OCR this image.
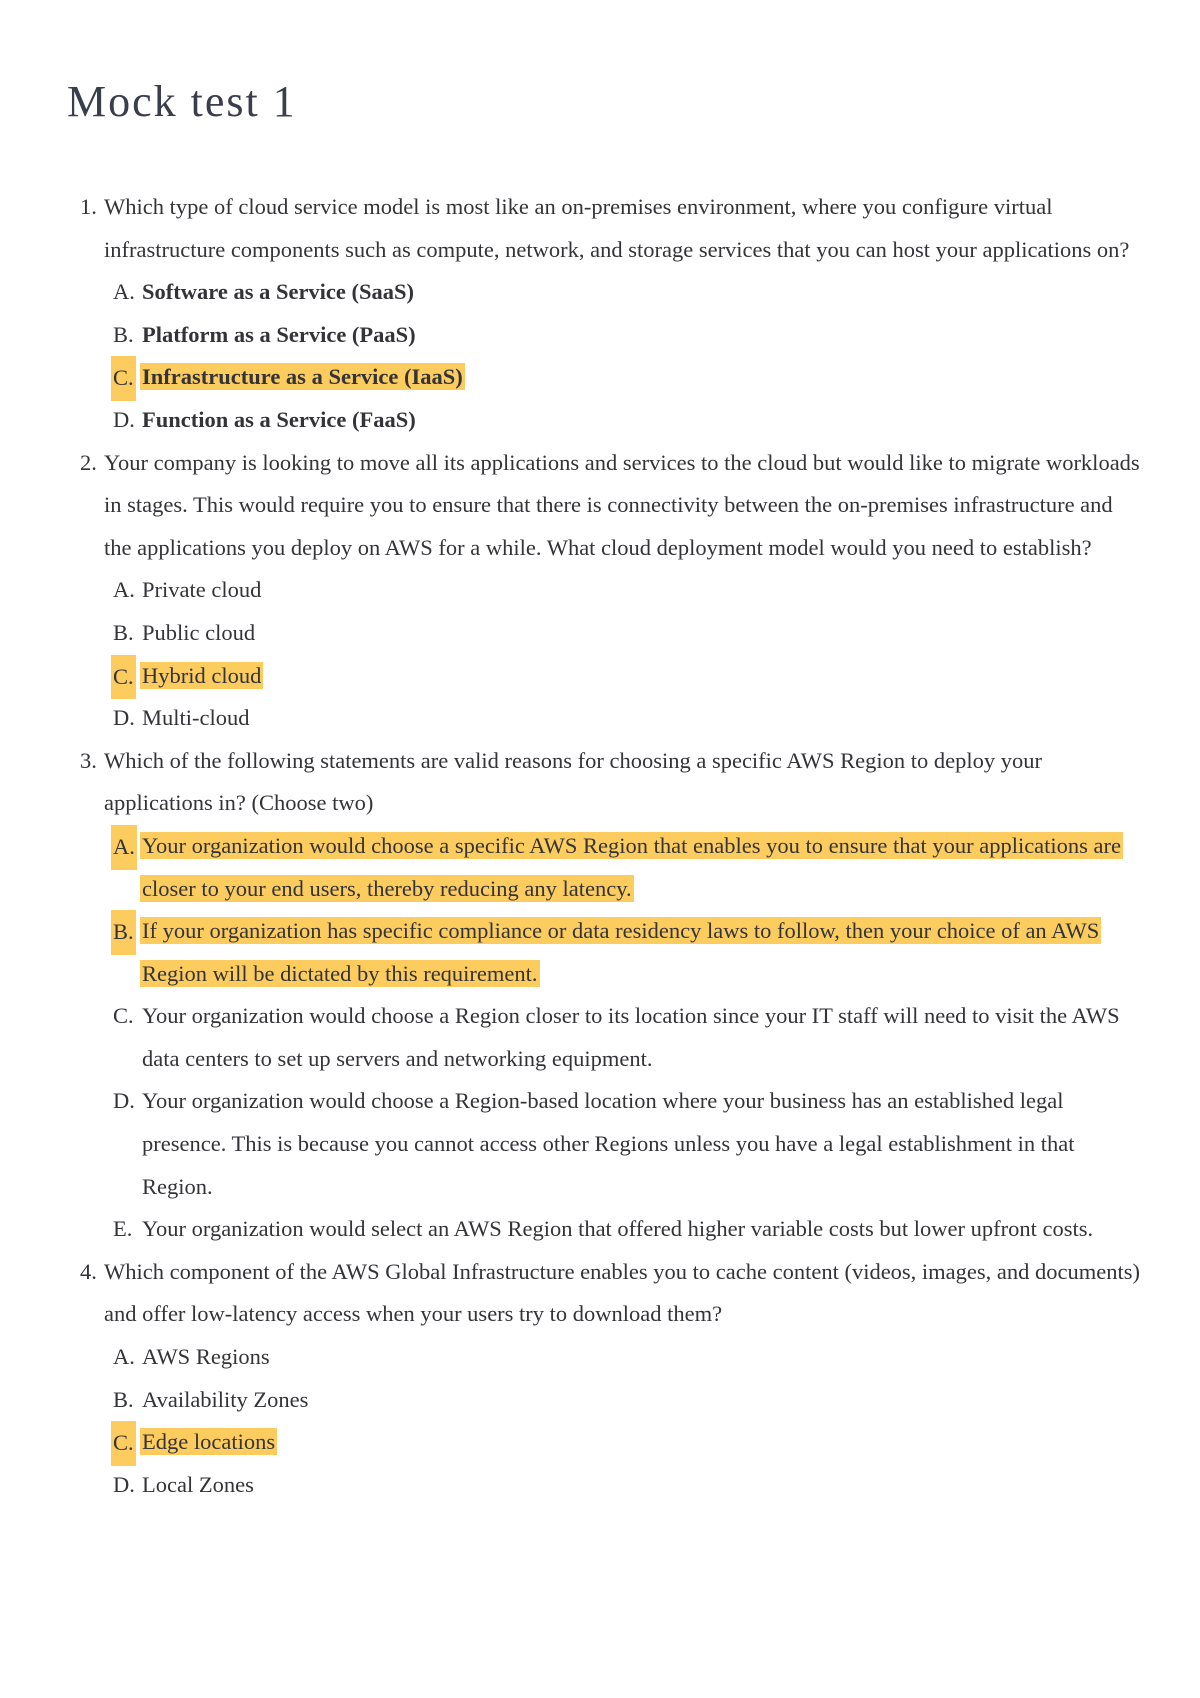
Mock test 1
1. Which type of cloud service model is most like an on-premises environment, where you configure virtual infrastructure components such as compute, network, and storage services that you can host your applications on?
A. Software as a Service (SaaS)
B. Platform as a Service (PaaS)
C. Infrastructure as a Service (IaaS)
D. Function as a Service (FaaS)
2. Your company is looking to move all its applications and services to the cloud but would like to migrate workloads in stages. This would require you to ensure that there is connectivity between the on-premises infrastructure and the applications you deploy on AWS for a while. What cloud deployment model would you need to establish?
A. Private cloud
B. Public cloud
C. Hybrid cloud
D. Multi-cloud
3. Which of the following statements are valid reasons for choosing a specific AWS Region to deploy your applications in? (Choose two)
A. Your organization would choose a specific AWS Region that enables you to ensure that your applications are closer to your end users, thereby reducing any latency.
B. If your organization has specific compliance or data residency laws to follow, then your choice of an AWS Region will be dictated by this requirement.
C. Your organization would choose a Region closer to its location since your IT staff will need to visit the AWS data centers to set up servers and networking equipment.
D. Your organization would choose a Region-based location where your business has an established legal presence. This is because you cannot access other Regions unless you have a legal establishment in that Region.
E. Your organization would select an AWS Region that offered higher variable costs but lower upfront costs.
4. Which component of the AWS Global Infrastructure enables you to cache content (videos, images, and documents) and offer low-latency access when your users try to download them?
A. AWS Regions
B. Availability Zones
C. Edge locations
D. Local Zones
